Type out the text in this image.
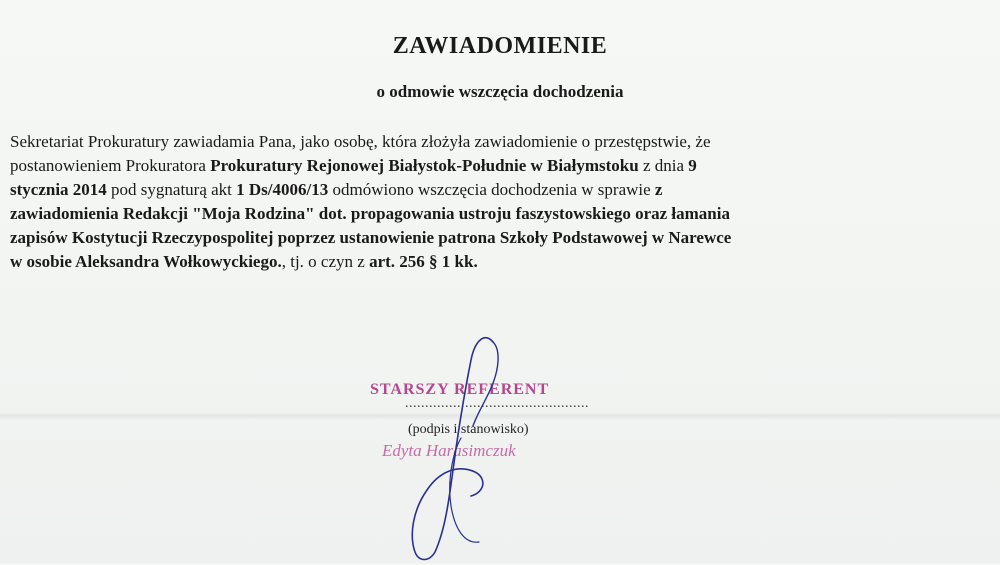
ZAWIADOMIENIE
o odmowie wszczęcia dochodzenia
Sekretariat Prokuratury zawiadamia Pana, jako osobę, która złożyła zawiadomienie o przestępstwie, że
postanowieniem Prokuratora Prokuratury Rejonowej Białystok-Południe w Białymstoku z dnia 9
stycznia 2014 pod sygnaturą akt 1 Ds/4006/13 odmówiono wszczęcia dochodzenia w sprawie z
zawiadomienia Redakcji "Moja Rodzina" dot. propagowania ustroju faszystowskiego oraz łamania
zapisów Kostytucji Rzeczypospolitej poprzez ustanowienie patrona Szkoły Podstawowej w Narewce
w osobie Aleksandra Wołkowyckiego., tj. o czyn z art. 256 § 1 kk.
STARSZY REFERENT
..............................................
(podpis i stanowisko)
Edyta Harasimczuk
